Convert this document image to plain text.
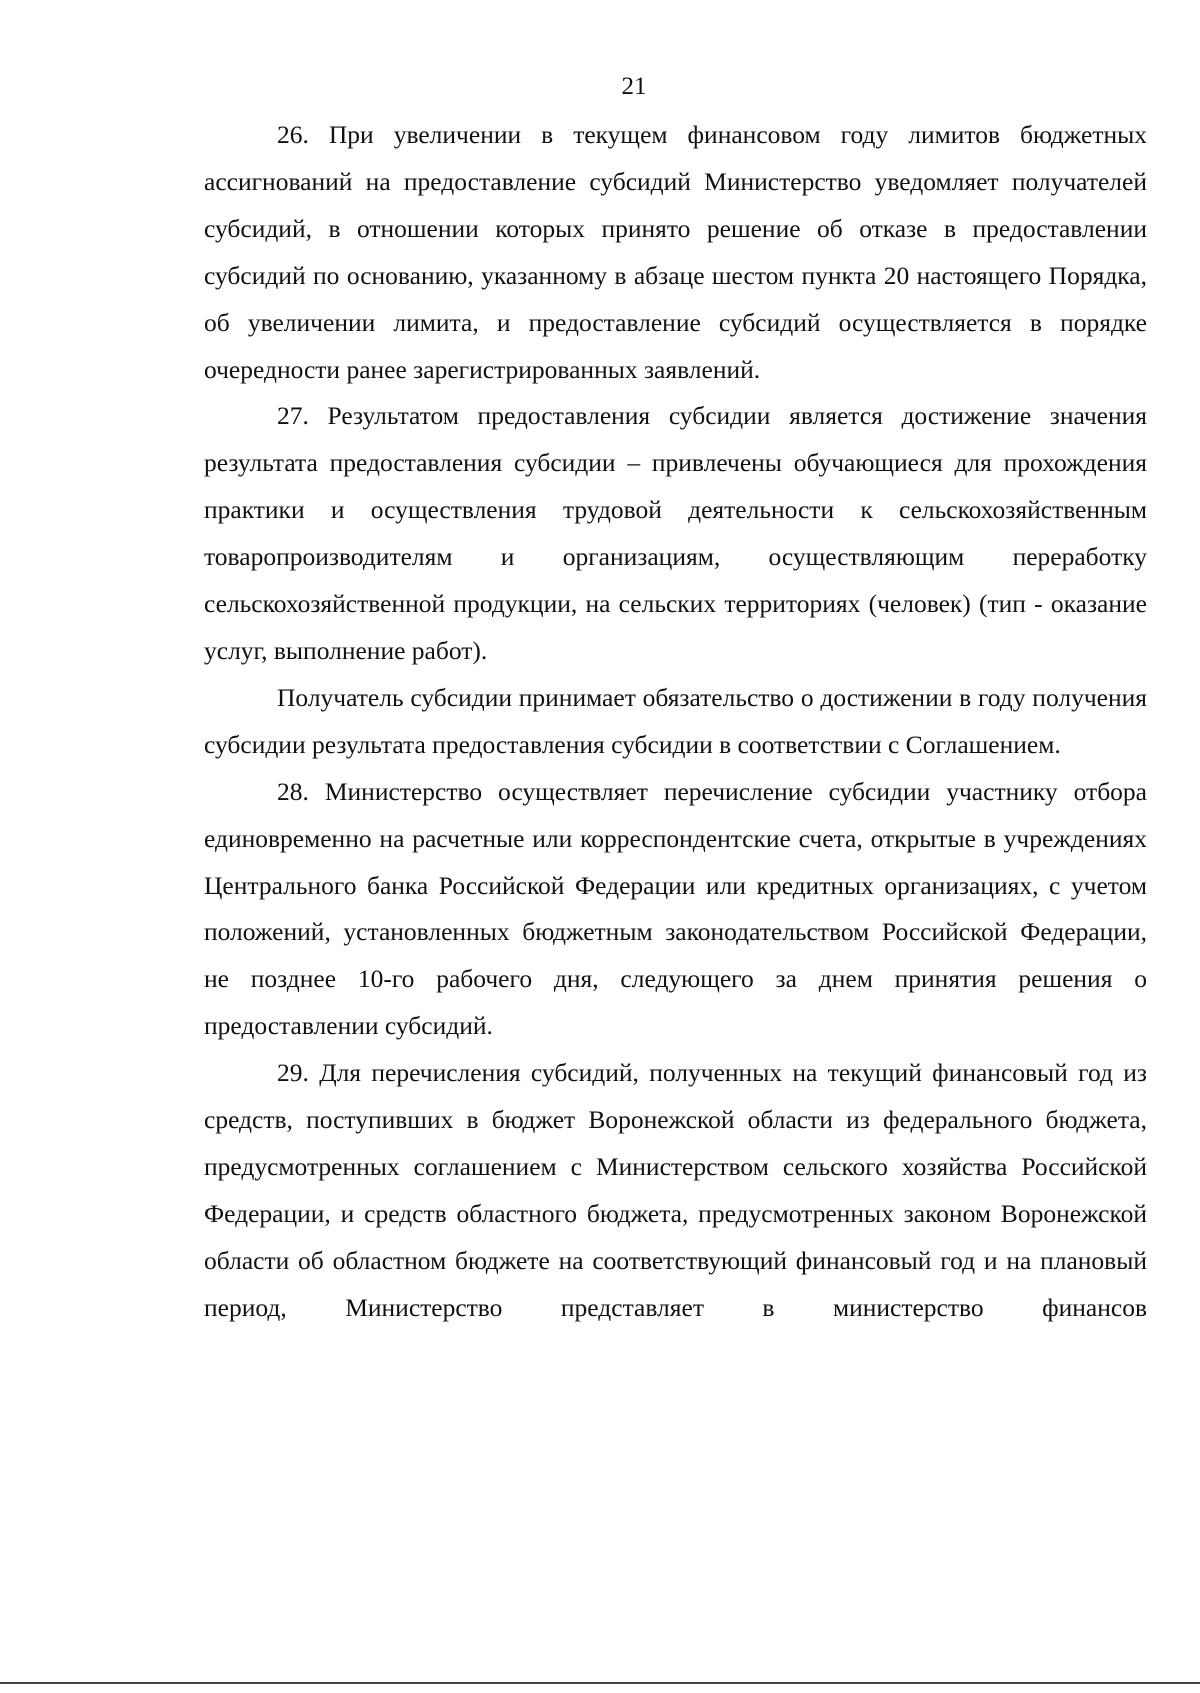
21

26. При увеличении в текущем финансовом году лимитов бюджетных ассигнований на предоставление субсидий Министерство уведомляет получателей субсидий, в отношении которых принято решение об отказе в предоставлении субсидий по основанию, указанному в абзаце шестом пункта 20 настоящего Порядка, об увеличении лимита, и предоставление субсидий осуществляется в порядке очередности ранее зарегистрированных заявлений.

27. Результатом предоставления субсидии является достижение значения результата предоставления субсидии – привлечены обучающиеся для прохождения практики и осуществления трудовой деятельности к сельскохозяйственным товаропроизводителям и организациям, осуществляющим переработку сельскохозяйственной продукции, на сельских территориях (человек) (тип - оказание услуг, выполнение работ).

Получатель субсидии принимает обязательство о достижении в году получения субсидии результата предоставления субсидии в соответствии с Соглашением.

28. Министерство осуществляет перечисление субсидии участнику отбора единовременно на расчетные или корреспондентские счета, открытые в учреждениях Центрального банка Российской Федерации или кредитных организациях, с учетом положений, установленных бюджетным законодательством Российской Федерации, не позднее 10-го рабочего дня, следующего за днем принятия решения о предоставлении субсидий.

29. Для перечисления субсидий, полученных на текущий финансовый год из средств, поступивших в бюджет Воронежской области из федерального бюджета, предусмотренных соглашением с Министерством сельского хозяйства Российской Федерации, и средств областного бюджета, предусмотренных законом Воронежской области об областном бюджете на соответствующий финансовый год и на плановый период, Министерство представляет в министерство финансов
